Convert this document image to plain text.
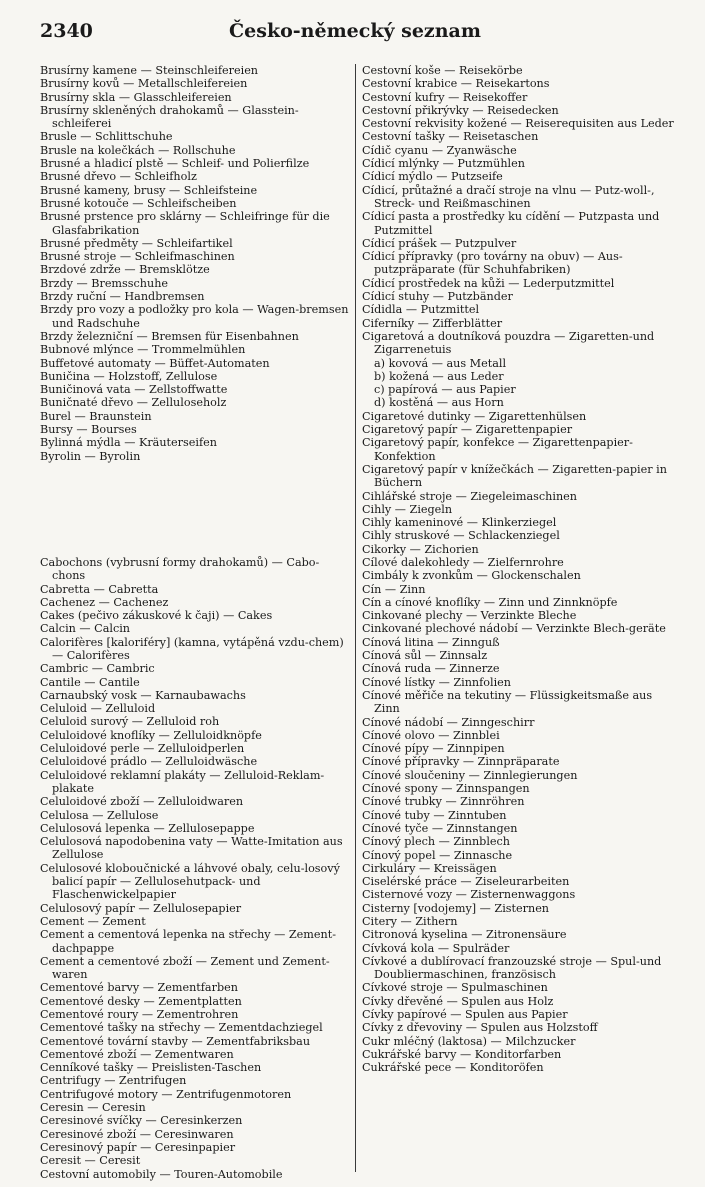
2340	Česko-německý seznam
Brusírny kamene — Steinschleifereien
Brusírny kovů — Metallschleifereien
Brusírny skla — Glasschleifereien
Brusírny skleněných drahokamů — Glasstein-schleiferei
Brusle — Schlittschuhe
Brusle na kolečkách — Rollschuhe
Brusné a hladicí plstě — Schleif- und Polierfilze
Brusné dřevo — Schleifholz
Brusné kameny, brusy — Schleifsteine
Brusné kotouče — Schleifscheiben
Brusné prstence pro sklárny — Schleifringe für die Glasfabrikation
Brusné předměty — Schleifartikel
Brusné stroje — Schleifmaschinen
Brzdové zdrže — Bremsklötze
Brzdy — Bremsschuhe
Brzdy ruční — Handbremsen
Brzdy pro vozy a podložky pro kola — Wagen-bremsen und Radschuhe
Brzdy železniční — Bremsen für Eisenbahnen
Bubnové mlýnce — Trommelmühlen
Buffetové automaty — Büffet-Automaten
Buničina — Holzstoff, Zellulose
Buničinová vata — Zellstoffwatte
Buničnaté dřevo — Zelluloseholz
Burel — Braunstein
Bursy — Bourses
Bylinná mýdla — Kräuterseifen
Byrolin — Byrolin
Cabochons (vybrusní formy drahokamů) — Cabo-chons
Cabretta — Cabretta
Cachenez — Cachenez
Cakes (pečivo zákuskové k čaji) — Cakes
Calcin — Calcin
Calorifères [kaloriféry] (kamna, vytápěná vzdu-chem) — Calorifères
Cambric — Cambric
Cantile — Cantile
Carnaubský vosk — Karnaubawachs
Celuloid — Zelluloid
Celuloid surový — Zelluloid roh
Celuloidové knoflíky — Zelluloidknöpfe
Celuloidové perle — Zelluloidperlen
Celuloidové prádlo — Zelluloidwäsche
Celuloidové reklamní plakáty — Zelluloid-Reklam-plakate
Celuloidové zboží — Zelluloidwaren
Celulosa — Zellulose
Celulosová lepenka — Zellulosepappe
Celulosová napodobenina vaty — Watte-Imitation aus Zellulose
Celulosové kloboučnické a láhvové obaly, celu-losový balicí papír — Zellulosehutpack- und Flaschenwickelpapier
Celulosový papír — Zellulosepapier
Cement — Zement
Cement a cementová lepenka na střechy — Zement-dachpappe
Cement a cementové zboží — Zement und Zement-waren
Cementové barvy — Zementfarben
Cementové desky — Zementplatten
Cementové roury — Zementrohren
Cementové tašky na střechy — Zementdachziegel
Cementové tovární stavby — Zementfabriksbau
Cementové zboží — Zementwaren
Cenníkové tašky — Preislisten-Taschen
Centrifugy — Zentrifugen
Centrifugové motory — Zentrifugenmotoren
Ceresin — Ceresin
Ceresinové svíčky — Ceresinkerzen
Ceresinové zboží — Ceresinwaren
Ceresinový papír — Ceresinpapier
Ceresit — Ceresit
Cestovní automobily — Touren-Automobile
Cestovní koše — Reisekörbe
Cestovní krabice — Reisekartons
Cestovní kufry — Reisekoffer
Cestovní přikrývky — Reisedecken
Cestovní rekvisity kožené — Reiserequisiten aus Leder
Cestovní tašky — Reisetaschen
Cídič cyanu — Zyanwäsche
Cídicí mlýnky — Putzmühlen
Cídicí mýdlo — Putzseife
Cídicí, průtažné a dračí stroje na vlnu — Putz-woll-, Streck- und Reißmaschinen
Cídicí pasta a prostředky ku cídění — Putzpasta und Putzmittel
Cídicí prášek — Putzpulver
Cídicí přípravky (pro továrny na obuv) — Aus-putzpräparate (für Schuhfabriken)
Cídicí prostředek na kůži — Lederputzmittel
Cídicí stuhy — Putzbänder
Cídidla — Putzmittel
Ciferníky — Zifferblätter
Cigaretová a doutníková pouzdra — Zigaretten-und Zigarrenetuis
a) kovová — aus Metall
b) kožená — aus Leder
c) papírová — aus Papier
d) kostěná — aus Horn
Cigaretové dutinky — Zigarettenhülsen
Cigaretový papír — Zigarettenpapier
Cigaretový papír, konfekce — Zigarettenpapier-Konfektion
Cigaretový papír v knížečkách — Zigaretten-papier in Büchern
Cihlářské stroje — Ziegeleimaschinen
Cihly — Ziegeln
Cihly kameninové — Klinkerziegel
Cihly struskové — Schlackenziegel
Cikorky — Zichorien
Cílové dalekohledy — Zielfernrohre
Cimbály k zvonkům — Glockenschalen
Cín — Zinn
Cín a cínové knoflíky — Zinn und Zinnknöpfe
Cinkované plechy — Verzinkte Bleche
Cinkované plechové nádobí — Verzinkte Blech-geräte
Cínová litina — Zinnguß
Cínová sůl — Zinnsalz
Cínová ruda — Zinnerze
Cínové lístky — Zinnfolien
Cínové měřiče na tekutiny — Flüssigkeitsmaße aus Zinn
Cínové nádobí — Zinngeschirr
Cínové olovo — Zinnblei
Cínové pípy — Zinnpipen
Cínové přípravky — Zinnpräparate
Cínové sloučeniny — Zinnlegierungen
Cínové spony — Zinnspangen
Cínové trubky — Zinnröhren
Cínové tuby — Zinntuben
Cínové tyče — Zinnstangen
Cínový plech — Zinnblech
Cínový popel — Zinnasche
Cirkuláry — Kreissägen
Ciselérské práce — Ziseleurarbeiten
Cisternové vozy — Zisternenwaggons
Cisterny [vodojemy] — Zisternen
Citery — Zithern
Citronová kyselina — Zitronensäure
Cívková kola — Spulräder
Cívkové a dublírovací franzouzské stroje — Spul-und Doubliermaschinen, französisch
Cívkové stroje — Spulmaschinen
Cívky dřevěné — Spulen aus Holz
Cívky papírové — Spulen aus Papier
Cívky z dřevoviny — Spulen aus Holzstoff
Cukr mléčný (laktosa) — Milchzucker
Cukrářské barvy — Konditorfarben
Cukrářské pece — Konditoröfen
